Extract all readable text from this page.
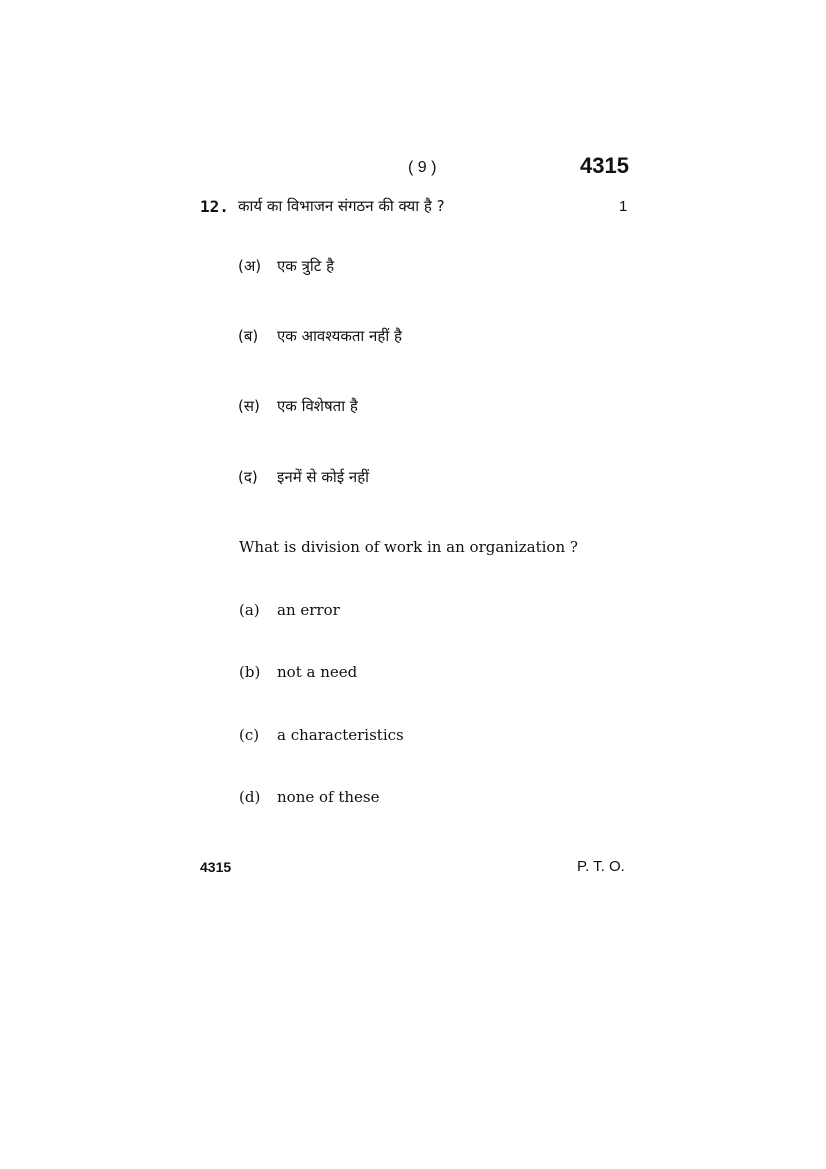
( 9 )	4315
12. कार्य का विभाजन संगठन की क्या है ?	1
(अ) एक त्रुटि है
(ब) एक आवश्यकता नहीं है
(स) एक विशेषता है
(द) इनमें से कोई नहीं
What is division of work in an organization ?
(a) an error
(b) not a need
(c) a characteristics
(d) none of these
4315	P. T. O.
